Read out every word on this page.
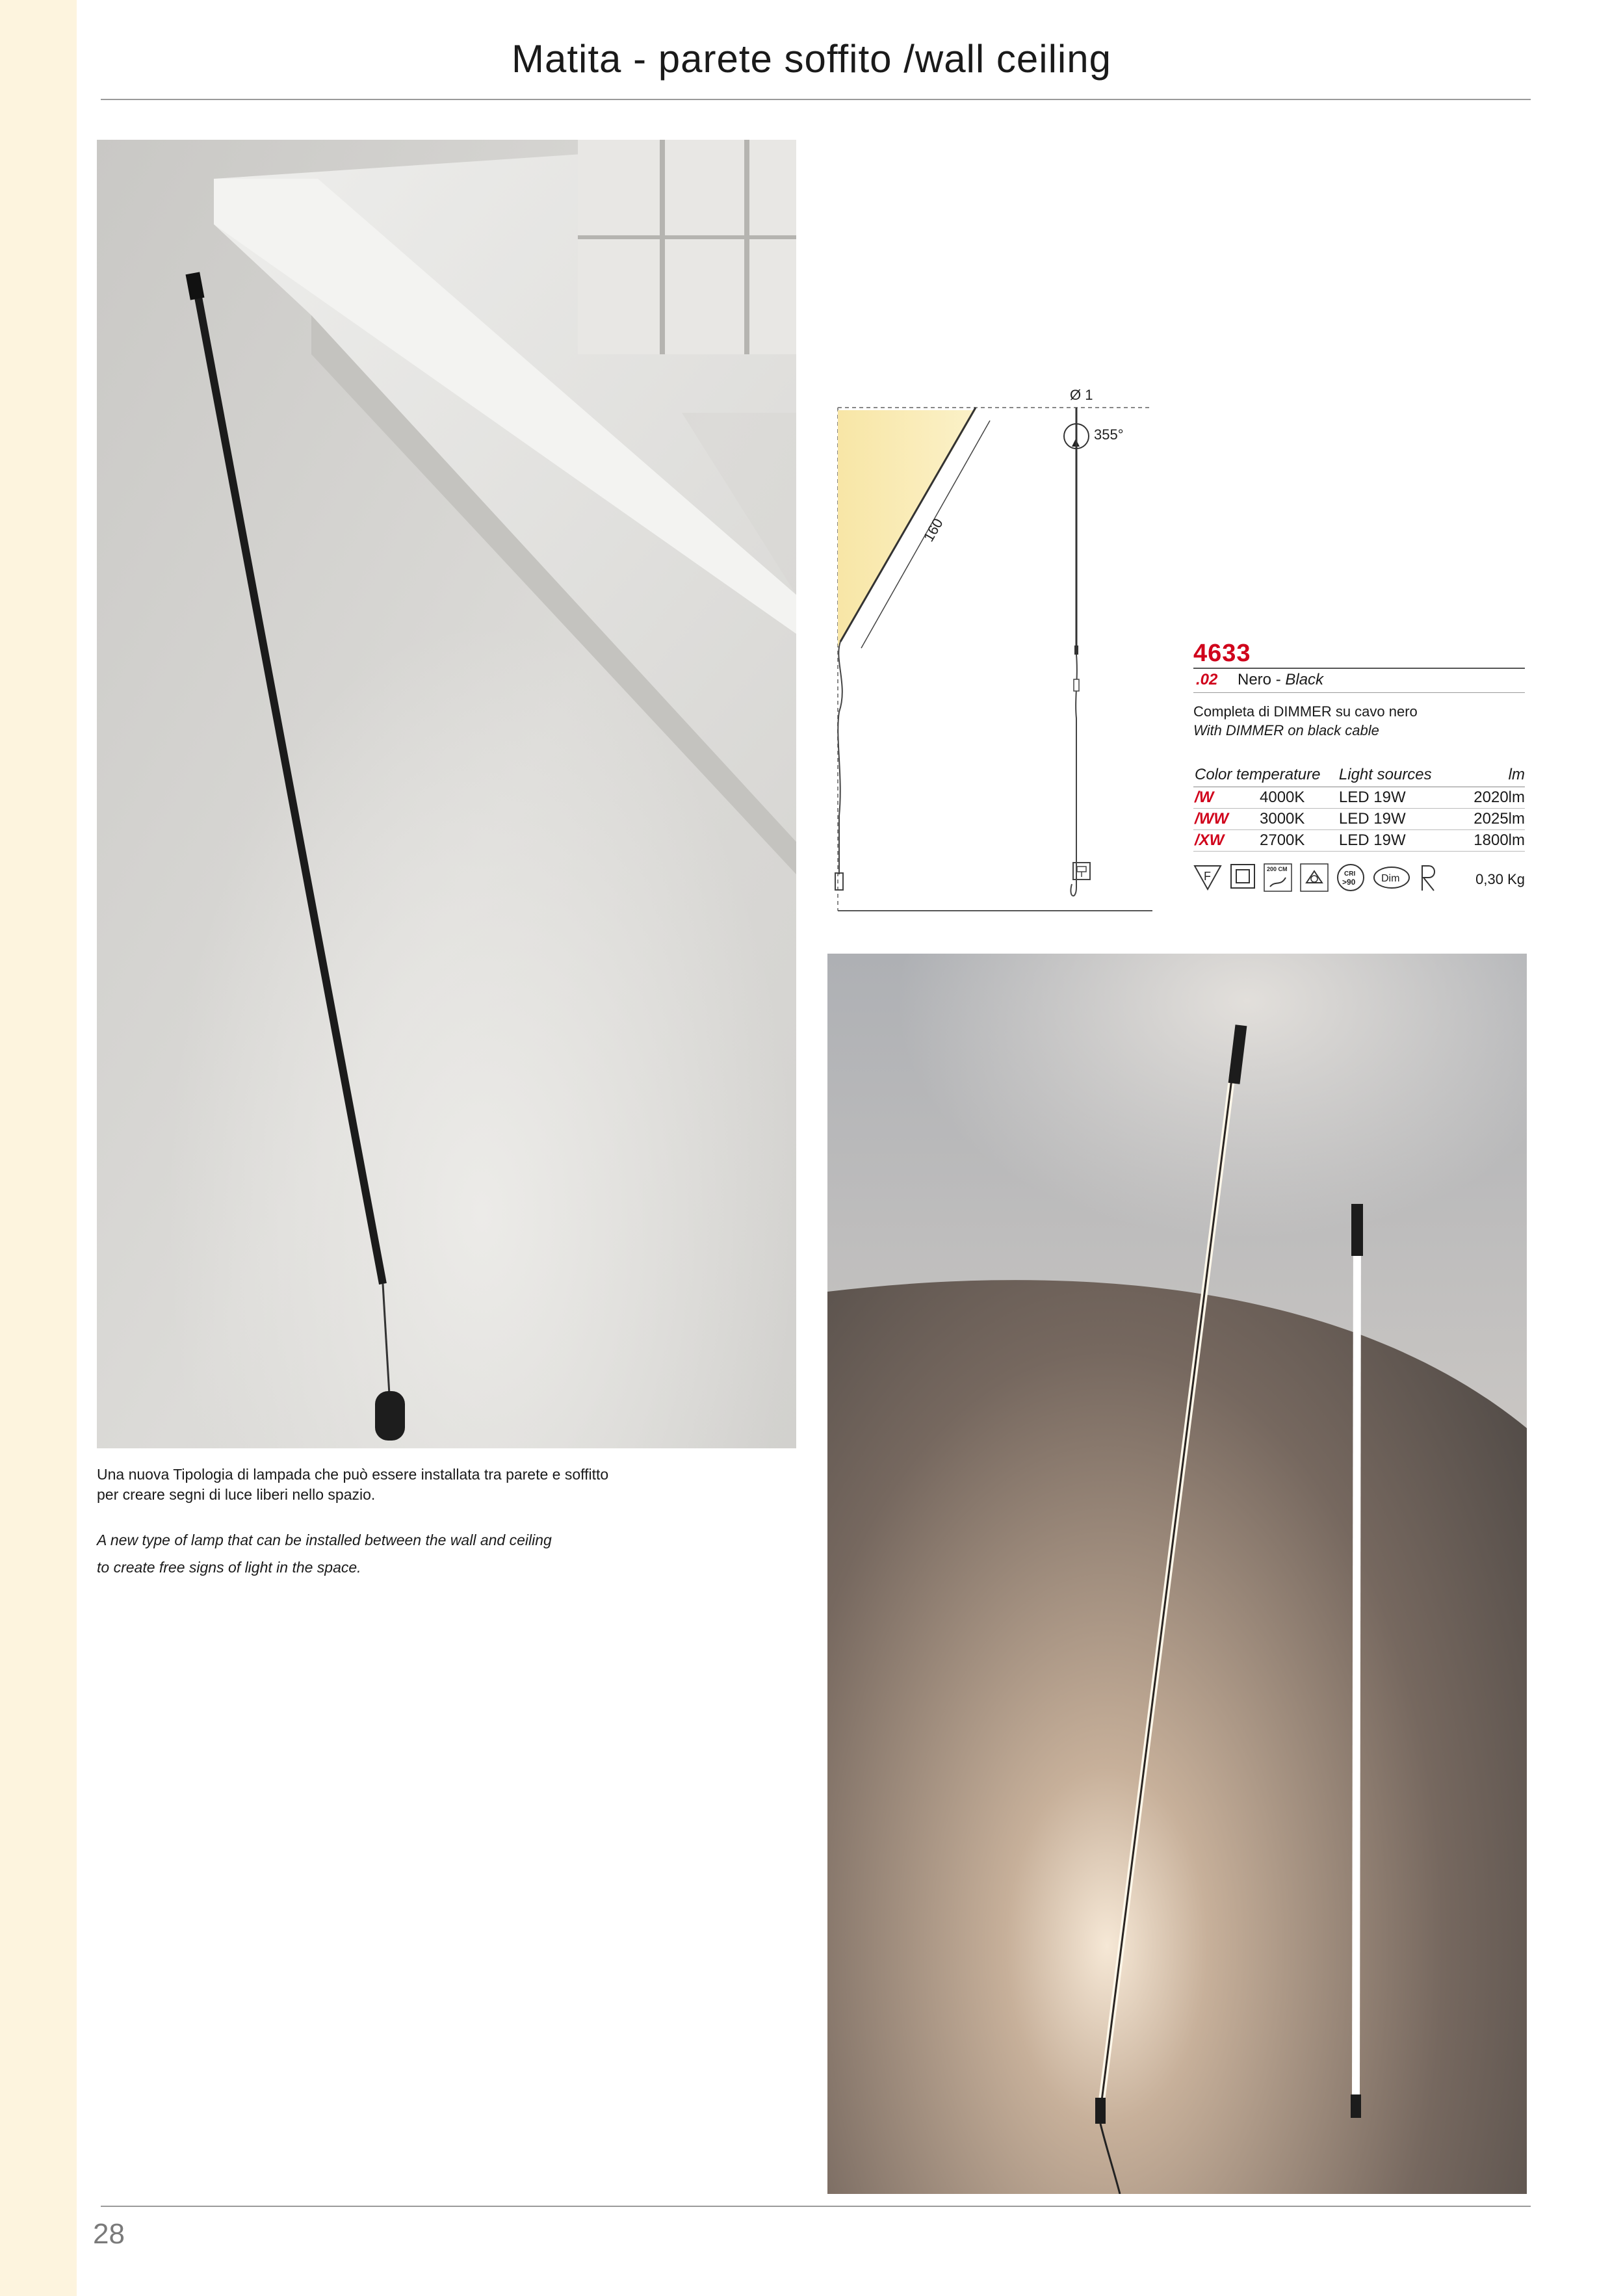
Matita - parete soffito /wall ceiling
Una nuova Tipologia di lampada che può essere installata tra parete e soffitto
per creare segni di luce liberi nello spazio.
A new type of lamp that can be installed between the wall and ceiling
to create free signs of light in the space.
160
Ø 1
355°
4633
.02 Nero - Black
Completa di DIMMER su cavo nero
With DIMMER on black cable
Color temperature		Light sources	lm
/W	4000K	LED 19W	2020lm
/WW	3000K	LED 19W	2025lm
/XW	2700K	LED 19W	1800lm
F
200 CM
CRI
>90 Dim	0,30 Kg
28
